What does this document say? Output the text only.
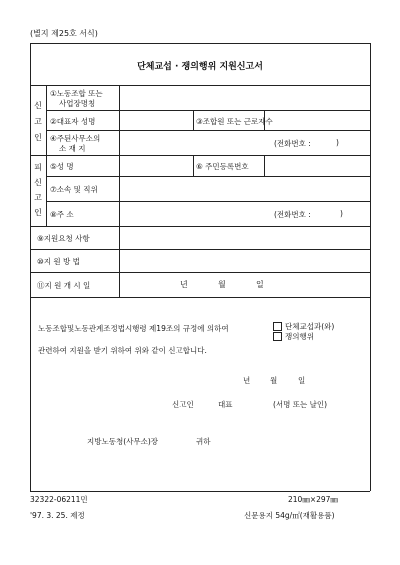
(별지 제25호 서식)
단체교섭 · 쟁의행위 지원신고서
신
고
인
①노동조합 또는
사업장명칭
②대표자 성명	③조합원 또는 근로자수
④주된사무소의
소 재 지
(전화번호 :	)
피
신
고
인
⑤성 명	⑥ 주민등록번호
⑦소속 및 직위
⑧주 소	(전화번호 :	)
⑨지원요청 사항
⑩지 원 방 법
⑪지 원 개 시 일	년	월	일
노동조합및노동관계조정법시행령 제19조의 규정에 의하여	단체교섭과(와)
쟁의행위
관련하여 지원을 받기 위하여 위와 같이 신고합니다.
년	월	일
신고인	대표	(서명 또는 날인)
지방노동청(사무소)장	귀하
32322-06211민	210㎜×297㎜
'97. 3. 25. 제정	신문용지 54g/㎡(재활용품)
